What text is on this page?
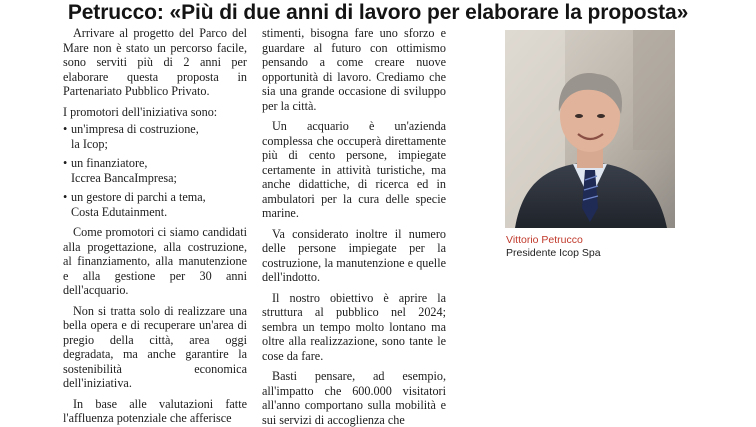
Petrucco: «Più di due anni di lavoro per elaborare la proposta»

Arrivare al progetto del Parco del Mare non è stato un percorso facile, sono serviti più di 2 anni per elaborare questa proposta in Partenariato Pubblico Privato.

I promotori dell'iniziativa sono:

• un'impresa di costruzione,
la Icop;
• un finanziatore,
Iccrea BancaImpresa;
• un gestore di parchi a tema,
Costa Edutainment.

Come promotori ci siamo candidati alla progettazione, alla costruzione, al finanziamento, alla manutenzione e alla gestione per 30 anni dell'acquario.

Non si tratta solo di realizzare una bella opera e di recuperare un'area di pregio della città, area oggi degradata, ma anche garantire la sostenibilità economica dell'iniziativa.

In base alle valutazioni fatte l'affluenza potenziale che afferisce

stimenti, bisogna fare uno sforzo e guardare al futuro con ottimismo pensando a come creare nuove opportunità di lavoro. Crediamo che sia una grande occasione di sviluppo per la città.

Un acquario è un'azienda complessa che occuperà direttamente più di cento persone, impiegate certamente in attività turistiche, ma anche didattiche, di ricerca ed in ambulatori per la cura delle specie marine.

Va considerato inoltre il numero delle persone impiegate per la costruzione, la manutenzione e quelle dell'indotto.

Il nostro obiettivo è aprire la struttura al pubblico nel 2024; sembra un tempo molto lontano ma oltre alla realizzazione, sono tante le cose da fare.

Basti pensare, ad esempio, all'impatto che 600.000 visitatori all'anno comportano sulla mobilità e sui servizi di accoglienza che

Vittorio Petrucco
Presidente Icop Spa
